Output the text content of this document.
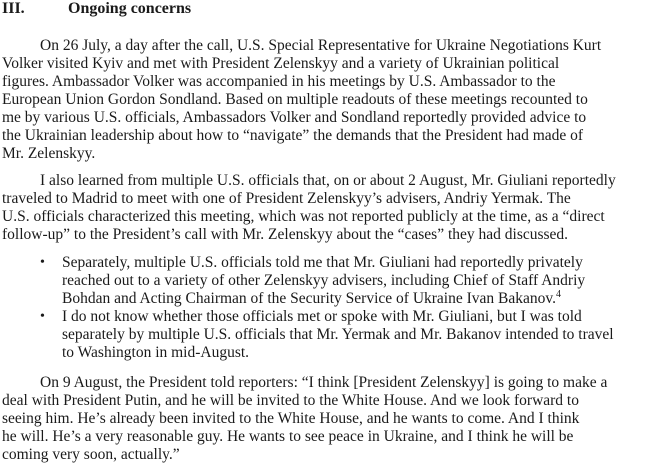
III.	Ongoing concerns
On 26 July, a day after the call, U.S. Special Representative for Ukraine Negotiations Kurt
Volker visited Kyiv and met with President Zelenskyy and a variety of Ukrainian political
figures. Ambassador Volker was accompanied in his meetings by U.S. Ambassador to the
European Union Gordon Sondland. Based on multiple readouts of these meetings recounted to
me by various U.S. officials, Ambassadors Volker and Sondland reportedly provided advice to
the Ukrainian leadership about how to “navigate” the demands that the President had made of
Mr. Zelenskyy.
I also learned from multiple U.S. officials that, on or about 2 August, Mr. Giuliani reportedly
traveled to Madrid to meet with one of President Zelenskyy’s advisers, Andriy Yermak. The
U.S. officials characterized this meeting, which was not reported publicly at the time, as a “direct
follow-up” to the President’s call with Mr. Zelenskyy about the “cases” they had discussed.
• Separately, multiple U.S. officials told me that Mr. Giuliani had reportedly privately
reached out to a variety of other Zelenskyy advisers, including Chief of Staff Andriy
Bohdan and Acting Chairman of the Security Service of Ukraine Ivan Bakanov.$^4$
• I do not know whether those officials met or spoke with Mr. Giuliani, but I was told
separately by multiple U.S. officials that Mr. Yermak and Mr. Bakanov intended to travel
to Washington in mid-August.
On 9 August, the President told reporters: “I think [President Zelenskyy] is going to make a
deal with President Putin, and he will be invited to the White House. And we look forward to
seeing him. He’s already been invited to the White House, and he wants to come. And I think
he will. He’s a very reasonable guy. He wants to see peace in Ukraine, and I think he will be
coming very soon, actually.”
